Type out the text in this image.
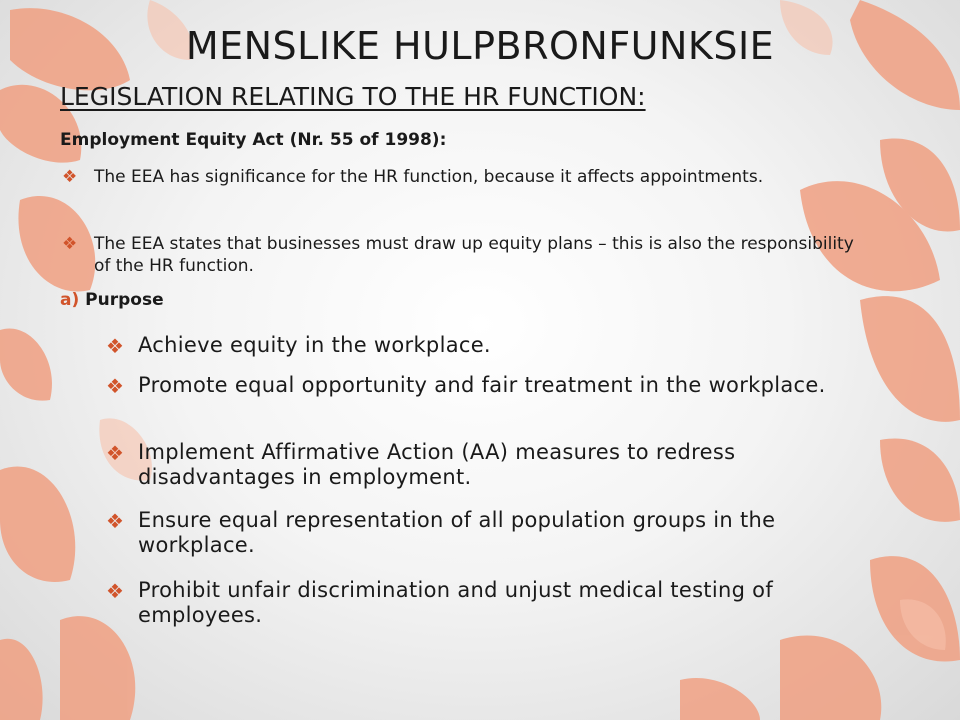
MENSLIKE HULPBRONFUNKSIE
LEGISLATION RELATING TO THE HR FUNCTION:
Employment Equity Act (Nr. 55 of 1998):
❖ The EEA has significance for the HR function, because it affects appointments.
❖ The EEA states that businesses must draw up equity plans – this is also the responsibility of the HR function.
a) Purpose
❖ Achieve equity in the workplace.
❖ Promote equal opportunity and fair treatment in the workplace.
❖ Implement Affirmative Action (AA) measures to redress disadvantages in employment.
❖ Ensure equal representation of all population groups in the workplace.
❖ Prohibit unfair discrimination and unjust medical testing of employees.
